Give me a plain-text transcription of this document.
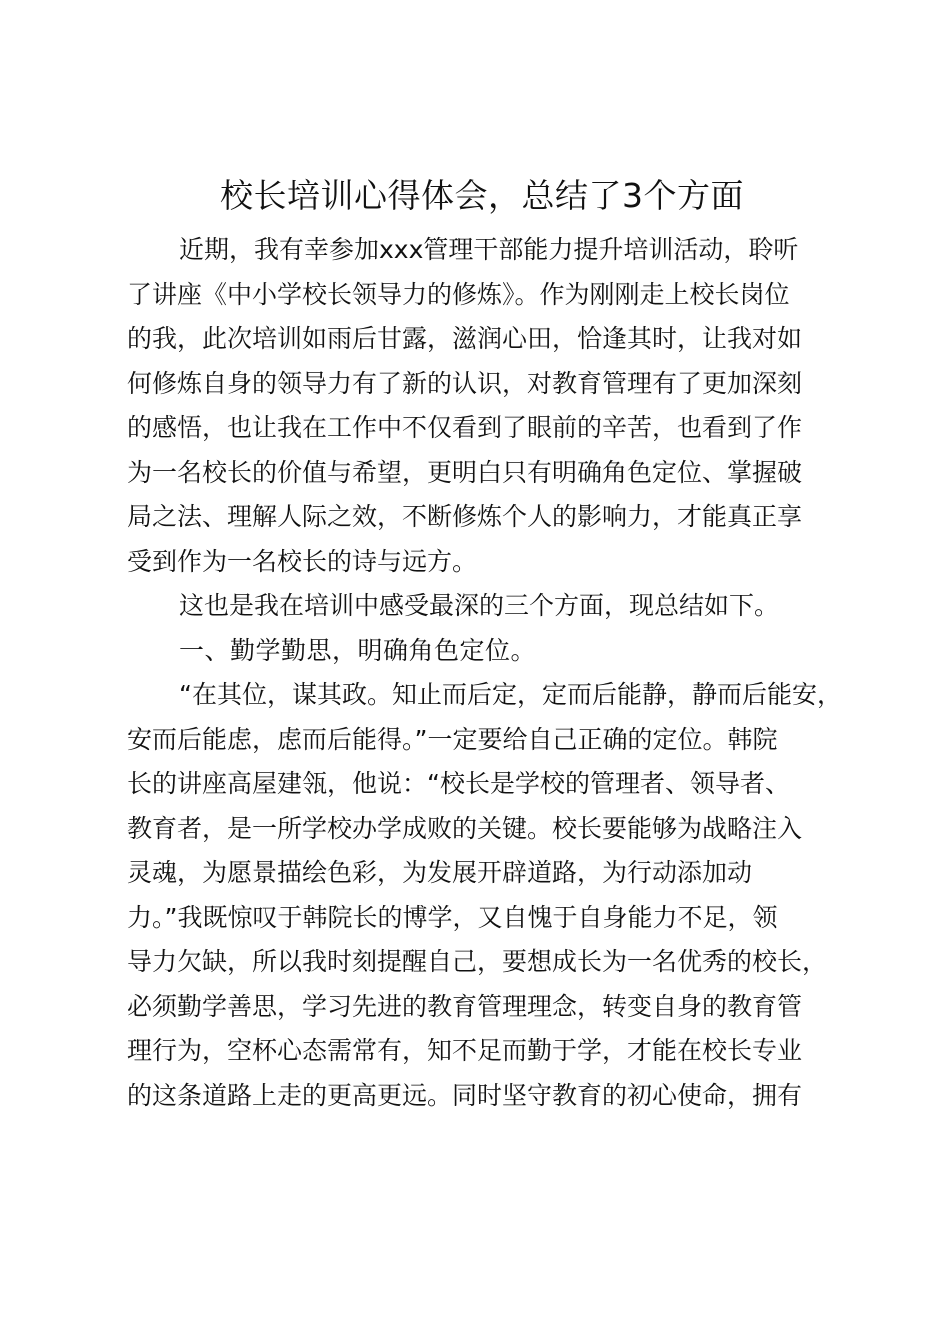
校长培训心得体会，总结了3个方面
近期，我有幸参加xxx管理干部能力提升培训活动，聆听
了讲座《中小学校长领导力的修炼》。作为刚刚走上校长岗位
的我，此次培训如雨后甘露，滋润心田，恰逢其时，让我对如
何修炼自身的领导力有了新的认识，对教育管理有了更加深刻
的感悟，也让我在工作中不仅看到了眼前的辛苦，也看到了作
为一名校长的价值与希望，更明白只有明确角色定位、掌握破
局之法、理解人际之效，不断修炼个人的影响力，才能真正享
受到作为一名校长的诗与远方。
这也是我在培训中感受最深的三个方面，现总结如下。
一、勤学勤思，明确角色定位。
“在其位，谋其政。知止而后定，定而后能静，静而后能安，
安而后能虑，虑而后能得。”一定要给自己正确的定位。韩院
长的讲座高屋建瓴，他说：“校长是学校的管理者、领导者、
教育者，是一所学校办学成败的关键。校长要能够为战略注入
灵魂，为愿景描绘色彩，为发展开辟道路，为行动添加动
力。”我既惊叹于韩院长的博学，又自愧于自身能力不足，领
导力欠缺，所以我时刻提醒自己，要想成长为一名优秀的校长，
必须勤学善思，学习先进的教育管理理念，转变自身的教育管
理行为，空杯心态需常有，知不足而勤于学，才能在校长专业
的这条道路上走的更高更远。同时坚守教育的初心使命，拥有
